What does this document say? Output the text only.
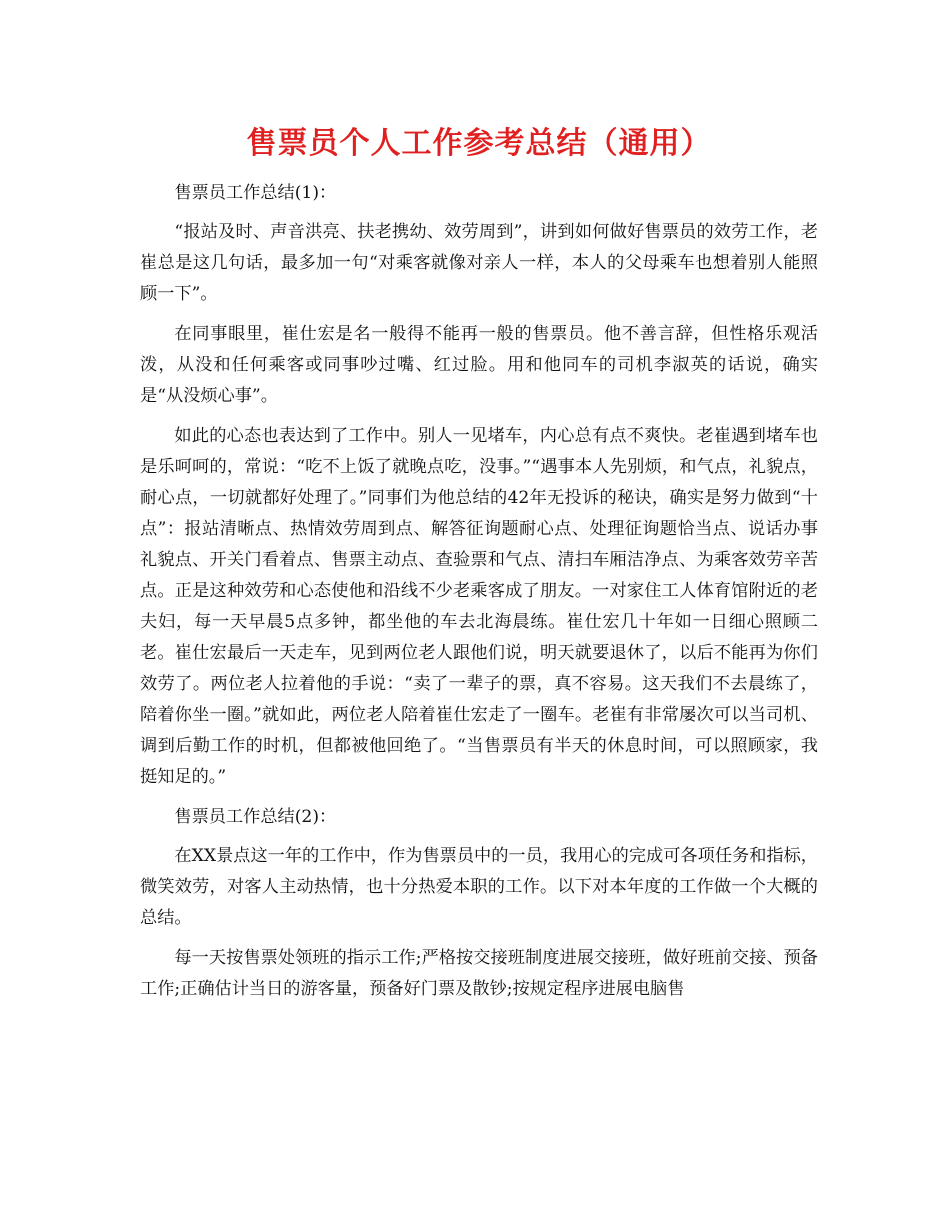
售票员个人工作参考总结（通用）

售票员工作总结(1)：

“报站及时、声音洪亮、扶老携幼、效劳周到”，讲到如何做好售票员的效劳工作，老崔总是这几句话，最多加一句“对乘客就像对亲人一样，本人的父母乘车也想着别人能照顾一下”。

在同事眼里，崔仕宏是名一般得不能再一般的售票员。他不善言辞，但性格乐观活泼，从没和任何乘客或同事吵过嘴、红过脸。用和他同车的司机李淑英的话说，确实是“从没烦心事”。

如此的心态也表达到了工作中。别人一见堵车，内心总有点不爽快。老崔遇到堵车也是乐呵呵的，常说：“吃不上饭了就晚点吃，没事。”“遇事本人先别烦，和气点，礼貌点，耐心点，一切就都好处理了。”同事们为他总结的42年无投诉的秘诀，确实是努力做到“十点”：报站清晰点、热情效劳周到点、解答征询题耐心点、处理征询题恰当点、说话办事礼貌点、开关门看着点、售票主动点、查验票和气点、清扫车厢洁净点、为乘客效劳辛苦点。正是这种效劳和心态使他和沿线不少老乘客成了朋友。一对家住工人体育馆附近的老夫妇，每一天早晨5点多钟，都坐他的车去北海晨练。崔仕宏几十年如一日细心照顾二老。崔仕宏最后一天走车，见到两位老人跟他们说，明天就要退休了，以后不能再为你们效劳了。两位老人拉着他的手说：“卖了一辈子的票，真不容易。这天我们不去晨练了，陪着你坐一圈。”就如此，两位老人陪着崔仕宏走了一圈车。老崔有非常屡次可以当司机、调到后勤工作的时机，但都被他回绝了。“当售票员有半天的休息时间，可以照顾家，我挺知足的。”

售票员工作总结(2)：

在XX景点这一年的工作中，作为售票员中的一员，我用心的完成可各项任务和指标，微笑效劳，对客人主动热情，也十分热爱本职的工作。以下对本年度的工作做一个大概的总结。

每一天按售票处领班的指示工作;严格按交接班制度进展交接班，做好班前交接、预备工作;正确估计当日的游客量，预备好门票及散钞;按规定程序进展电脑售
